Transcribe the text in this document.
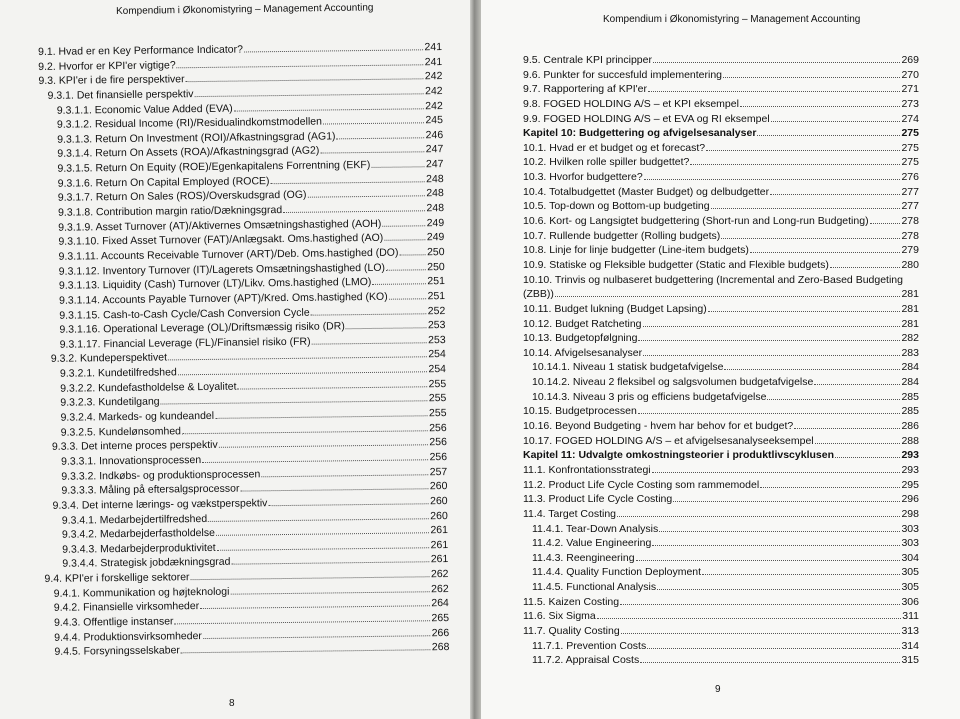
Kompendium i Økonomistyring – Management Accounting
9.1. Hvad er en Key Performance Indicator?	241
9.2. Hvorfor er KPI'er vigtige?	241
9.3. KPI'er i de fire perspektiver	242
9.3.1. Det finansielle perspektiv	242
9.3.1.1. Economic Value Added (EVA)	242
9.3.1.2. Residual Income (RI)/Residualindkomstmodellen	245
9.3.1.3. Return On Investment (ROI)/Afkastningsgrad (AG1)	246
9.3.1.4. Return On Assets (ROA)/Afkastningsgrad (AG2)	247
9.3.1.5. Return On Equity (ROE)/Egenkapitalens Forrentning (EKF)	247
9.3.1.6. Return On Capital Employed (ROCE)	248
9.3.1.7. Return On Sales (ROS)/Overskudsgrad (OG)	248
9.3.1.8. Contribution margin ratio/Dækningsgrad	248
9.3.1.9. Asset Turnover (AT)/Aktivernes Omsætningshastighed (AOH)	249
9.3.1.10. Fixed Asset Turnover (FAT)/Anlægsakt. Oms.hastighed (AO)	249
9.3.1.11. Accounts Receivable Turnover (ART)/Deb. Oms.hastighed (DO)	250
9.3.1.12. Inventory Turnover (IT)/Lagerets Omsætningshastighed (LO)	250
9.3.1.13. Liquidity (Cash) Turnover (LT)/Likv. Oms.hastighed (LMO)	251
9.3.1.14. Accounts Payable Turnover (APT)/Kred. Oms.hastighed (KO)	251
9.3.1.15. Cash-to-Cash Cycle/Cash Conversion Cycle	252
9.3.1.16. Operational Leverage (OL)/Driftsmæssig risiko (DR)	253
9.3.1.17. Financial Leverage (FL)/Finansiel risiko (FR)	253
9.3.2. Kundeperspektivet	254
9.3.2.1. Kundetilfredshed	254
9.3.2.2. Kundefastholdelse & Loyalitet	255
9.3.2.3. Kundetilgang	255
9.3.2.4. Markeds- og kundeandel	255
9.3.2.5. Kundelønsomhed	256
9.3.3. Det interne proces perspektiv	256
9.3.3.1. Innovationsprocessen	256
9.3.3.2. Indkøbs- og produktionsprocessen	257
9.3.3.3. Måling på eftersalgsprocessor	260
9.3.4. Det interne lærings- og vækstperspektiv	260
9.3.4.1. Medarbejdertilfredshed	260
9.3.4.2. Medarbejderfastholdelse	261
9.3.4.3. Medarbejderproduktivitet	261
9.3.4.4. Strategisk jobdækningsgrad	261
9.4. KPI'er i forskellige sektorer	262
9.4.1. Kommunikation og højteknologi	262
9.4.2. Finansielle virksomheder	264
9.4.3. Offentlige instanser	265
9.4.4. Produktionsvirksomheder	266
9.4.5. Forsyningsselskaber	268
8
Kompendium i Økonomistyring – Management Accounting
9.5. Centrale KPI principper	269
9.6. Punkter for succesfuld implementering	270
9.7. Rapportering af KPI'er	271
9.8. FOGED HOLDING A/S – et KPI eksempel	273
9.9. FOGED HOLDING A/S – et EVA og RI eksempel	274
Kapitel 10: Budgettering og afvigelsesanalyser	275
10.1. Hvad er et budget og et forecast?	275
10.2. Hvilken rolle spiller budgettet?	275
10.3. Hvorfor budgettere?	276
10.4. Totalbudgettet (Master Budget) og delbudgetter	277
10.5. Top-down og Bottom-up budgeting	277
10.6. Kort- og Langsigtet budgettering (Short-run and Long-run Budgeting)	278
10.7. Rullende budgetter (Rolling budgets)	278
10.8. Linje for linje budgetter (Line-item budgets)	279
10.9. Statiske og Fleksible budgetter (Static and Flexible budgets)	280
10.10. Trinvis og nulbaseret budgettering (Incremental and Zero-Based Budgeting
(ZBB))	281
10.11. Budget lukning (Budget Lapsing)	281
10.12. Budget Ratcheting	281
10.13. Budgetopfølgning	282
10.14. Afvigelsesanalyser	283
10.14.1. Niveau 1 statisk budgetafvigelse	284
10.14.2. Niveau 2 fleksibel og salgsvolumen budgetafvigelse	284
10.14.3. Niveau 3 pris og efficiens budgetafvigelse	285
10.15. Budgetprocessen	285
10.16. Beyond Budgeting - hvem har behov for et budget?	286
10.17. FOGED HOLDING A/S – et afvigelsesanalyseeksempel	288
Kapitel 11: Udvalgte omkostningsteorier i produktlivscyklusen	293
11.1. Konfrontationsstrategi	293
11.2. Product Life Cycle Costing som rammemodel	295
11.3. Product Life Cycle Costing	296
11.4. Target Costing	298
11.4.1. Tear-Down Analysis	303
11.4.2. Value Engineering	303
11.4.3. Reengineering	304
11.4.4. Quality Function Deployment	305
11.4.5. Functional Analysis	305
11.5. Kaizen Costing	306
11.6. Six Sigma	311
11.7. Quality Costing	313
11.7.1. Prevention Costs	314
11.7.2. Appraisal Costs	315
9
